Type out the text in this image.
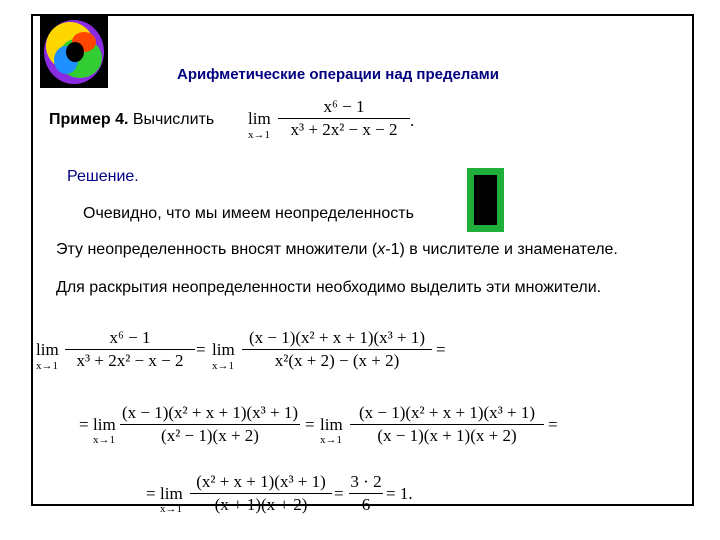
Арифметические операции над пределами
Пример 4. Вычислить lim
x→1
x⁶ − 1
x³ + 2x² − x − 2 .
Решение.
Очевидно, что мы имеем неопределенность
Эту неопределенность вносят множители (x-1) в числителе и знаменателе.
Для раскрытия неопределенности необходимо выделить эти множители.
lim
x→1
x⁶ − 1
x³ + 2x² − x − 2
= lim
x→1
(x − 1)(x² + x + 1)(x³ + 1)
x²(x + 2) − (x + 2)
=
= lim
x→1
(x − 1)(x² + x + 1)(x³ + 1)
(x² − 1)(x + 2)
= lim
x→1
(x − 1)(x² + x + 1)(x³ + 1)
(x − 1)(x + 1)(x + 2)
=
= lim
x→1
(x² + x + 1)(x³ + 1)
(x + 1)(x + 2)
=
3 · 2
6
= 1.
